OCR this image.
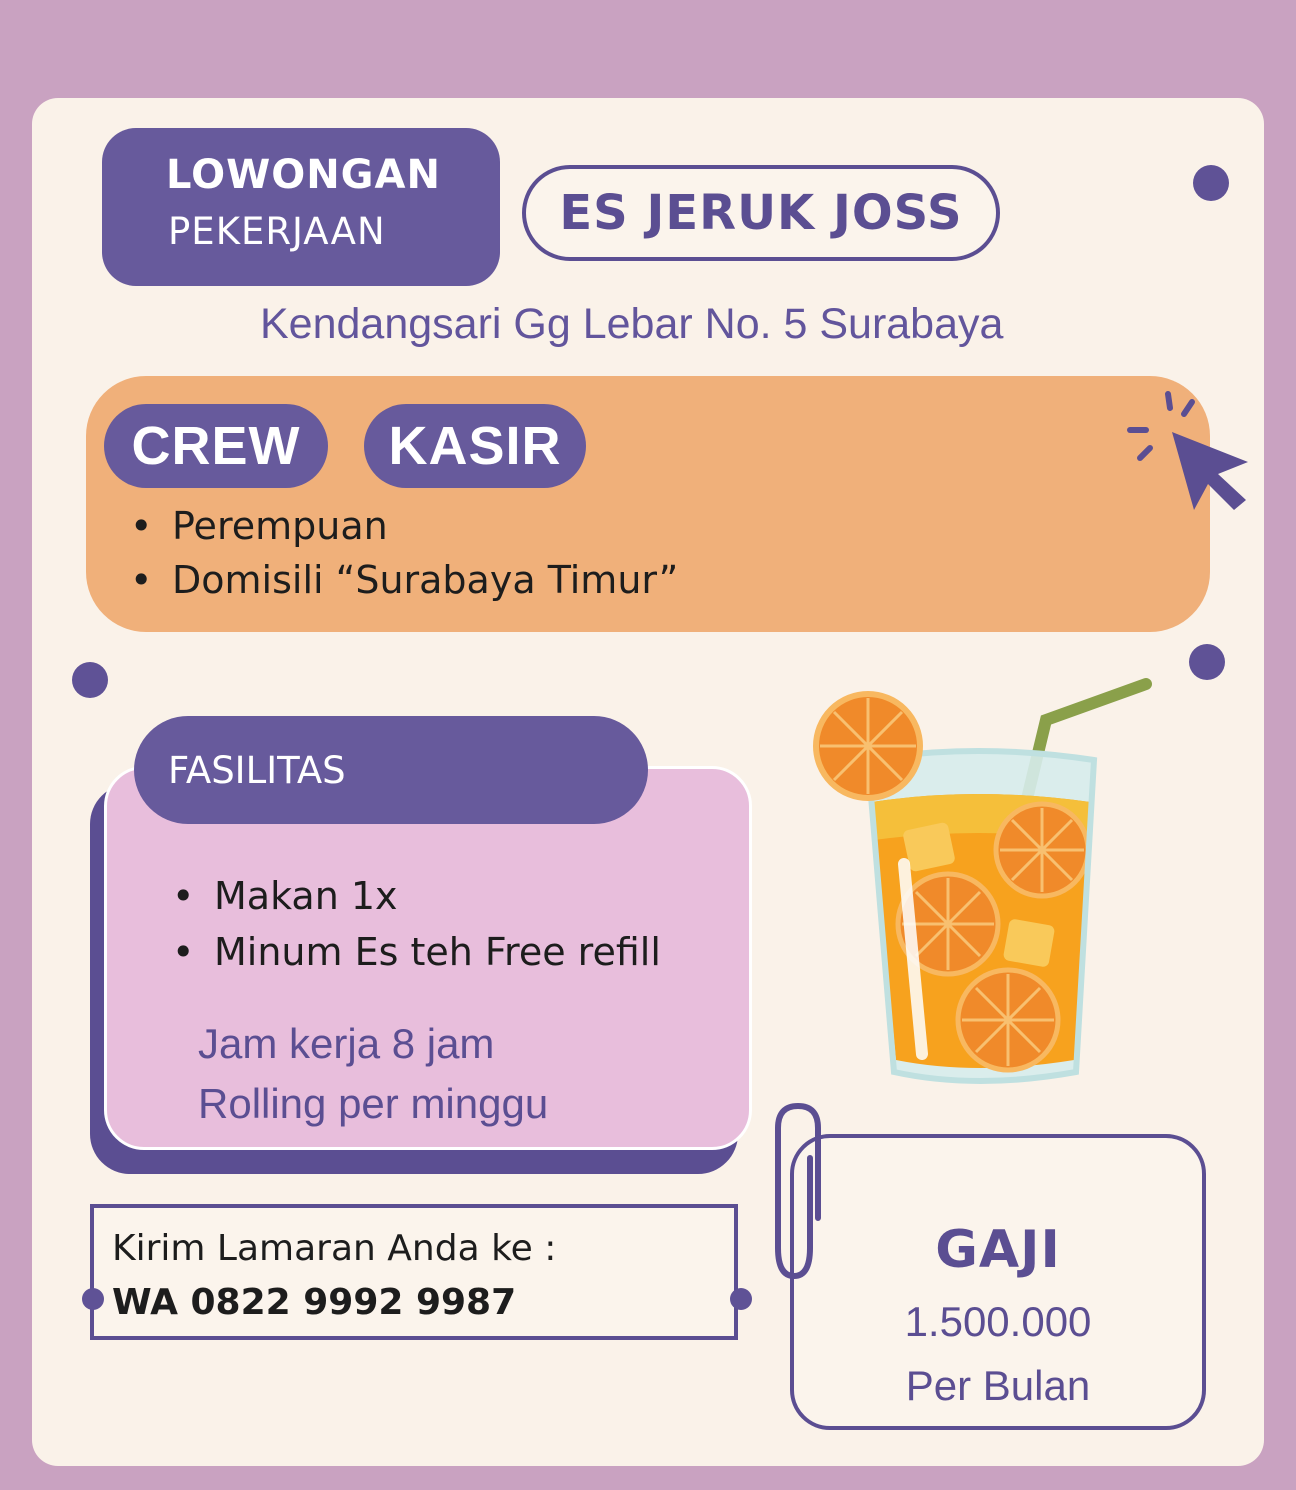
LOWONGAN
PEKERJAAN	ES JERUK JOSS
Kendangsari Gg Lebar No. 5 Surabaya
CREW	KASIR
• Perempuan
• Domisili “Surabaya Timur”
FASILITAS
• Makan 1x
• Minum Es teh Free refill
Jam kerja 8 jam
Rolling per minggu
Kirim Lamaran Anda ke :
WA 0822 9992 9987
GAJI
1.500.000
Per Bulan
